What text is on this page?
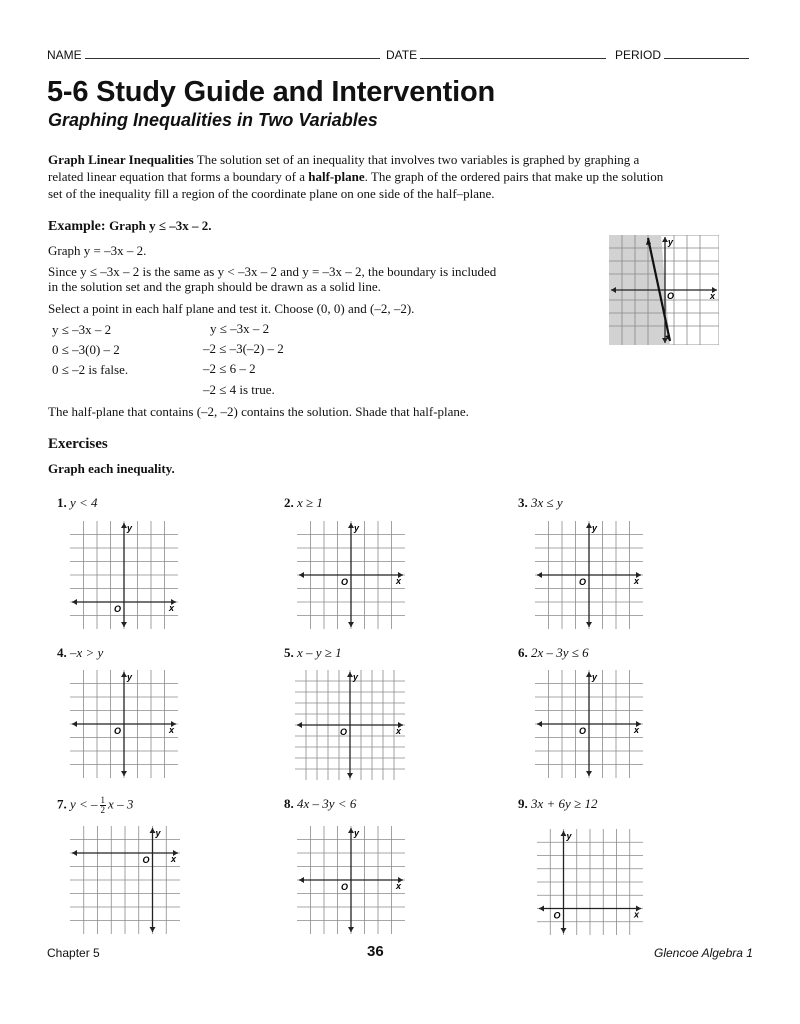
NAME	DATE	PERIOD
5-6 Study Guide and Intervention
Graphing Inequalities in Two Variables
Graph Linear Inequalities The solution set of an inequality that involves two variables is graphed by graphing a
related linear equation that forms a boundary of a half-plane. The graph of the ordered pairs that make up the solution
set of the inequality fill a region of the coordinate plane on one side of the half–plane.
Example: Graph y ≤ –3x – 2.
Graph y = –3x – 2.
Since y ≤ –3x – 2 is the same as y < –3x – 2 and y = –3x – 2, the boundary is included
in the solution set and the graph should be drawn as a solid line.
Select a point in each half plane and test it. Choose (0, 0) and (–2, –2).
y ≤ –3x – 2
0 ≤ –3(0) – 2
0 ≤ –2 is false.
y ≤ –3x – 2
–2 ≤ –3(–2) – 2
–2 ≤ 6 – 2
–2 ≤ 4 is true.
The half-plane that contains (–2, –2) contains the solution. Shade that half-plane.
y
x
O
Exercises
Graph each inequality.
1. y < 4	2. x ≥ 1	3. 3x ≤ y
4. –x > y	5. x – y ≥ 1	6. 2x – 3y ≤ 6
7. y < – $\frac{1}{2}$ x – 3	8. 4x – 3y < 6	9. 3x + 6y ≥ 12
y
x
O
y
x
O
y
x
O
y
x
O
y
x
O
y
x
O
y
x
O
y
x
O
y
x
O
Chapter 5	36	Glencoe Algebra 1
